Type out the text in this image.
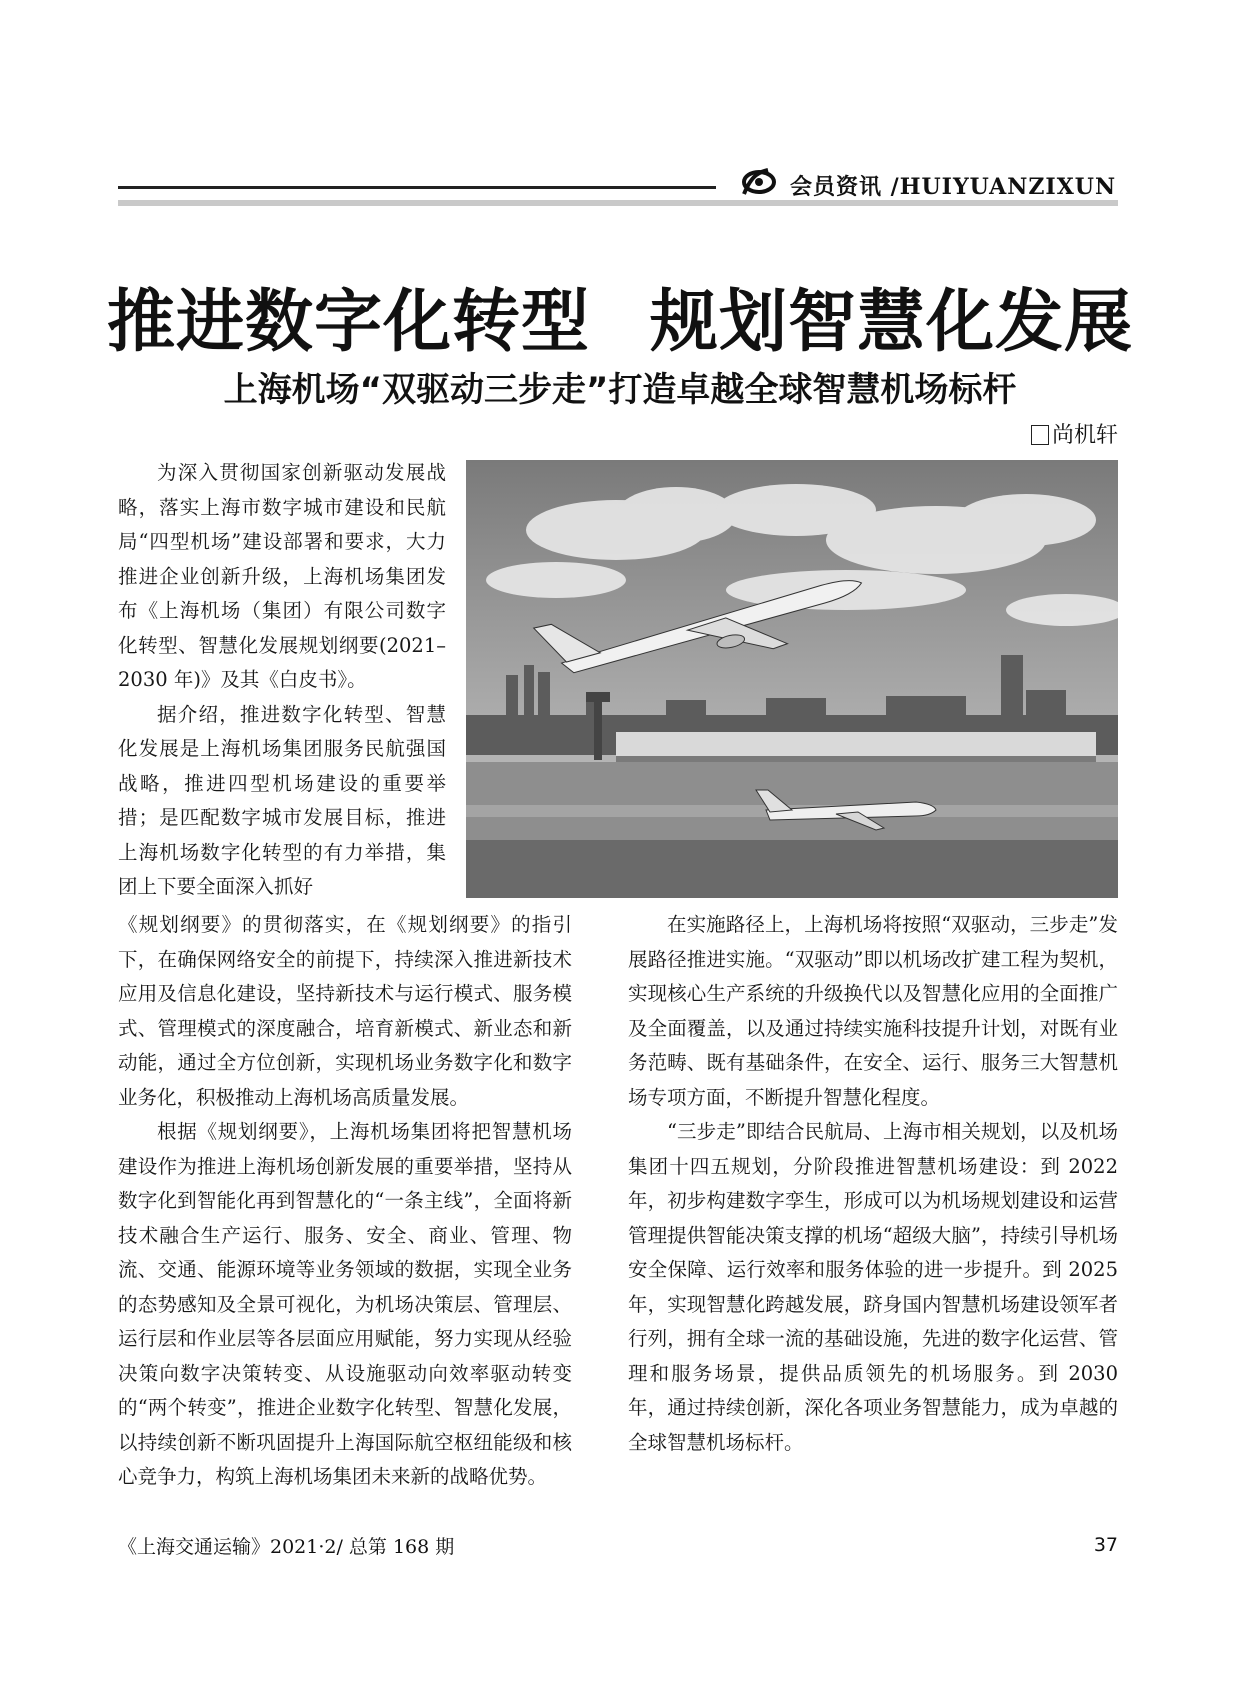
会员资讯 /HUIYUANZIXUN
推进数字化转型 规划智慧化发展
上海机场“双驱动三步走”打造卓越全球智慧机场标杆
尚机轩

为深入贯彻国家创新驱动发展战略，落实上海市数字城市建设和民航局“四型机场”建设部署和要求，大力推进企业创新升级，上海机场集团发布《上海机场（集团）有限公司数字化转型、智慧化发展规划纲要(2021–2030 年)》及其《白皮书》。

据介绍，推进数字化转型、智慧化发展是上海机场集团服务民航强国战略，推进四型机场建设的重要举措；是匹配数字城市发展目标，推进上海机场数字化转型的有力举措，集团上下要全面深入抓好

《规划纲要》的贯彻落实，在《规划纲要》的指引下，在确保网络安全的前提下，持续深入推进新技术应用及信息化建设，坚持新技术与运行模式、服务模式、管理模式的深度融合，培育新模式、新业态和新动能，通过全方位创新，实现机场业务数字化和数字业务化，积极推动上海机场高质量发展。

根据《规划纲要》，上海机场集团将把智慧机场建设作为推进上海机场创新发展的重要举措，坚持从数字化到智能化再到智慧化的“一条主线”，全面将新技术融合生产运行、服务、安全、商业、管理、物流、交通、能源环境等业务领域的数据，实现全业务的态势感知及全景可视化，为机场决策层、管理层、运行层和作业层等各层面应用赋能，努力实现从经验决策向数字决策转变、从设施驱动向效率驱动转变的“两个转变”，推进企业数字化转型、智慧化发展，以持续创新不断巩固提升上海国际航空枢纽能级和核心竞争力，构筑上海机场集团未来新的战略优势。

在实施路径上，上海机场将按照“双驱动，三步走”发展路径推进实施。“双驱动”即以机场改扩建工程为契机，实现核心生产系统的升级换代以及智慧化应用的全面推广及全面覆盖，以及通过持续实施科技提升计划，对既有业务范畴、既有基础条件，在安全、运行、服务三大智慧机场专项方面，不断提升智慧化程度。

“三步走”即结合民航局、上海市相关规划，以及机场集团十四五规划，分阶段推进智慧机场建设：到 2022 年，初步构建数字孪生，形成可以为机场规划建设和运营管理提供智能决策支撑的机场“超级大脑”，持续引导机场安全保障、运行效率和服务体验的进一步提升。到 2025 年，实现智慧化跨越发展，跻身国内智慧机场建设领军者行列，拥有全球一流的基础设施，先进的数字化运营、管理和服务场景，提供品质领先的机场服务。到 2030 年，通过持续创新，深化各项业务智慧能力，成为卓越的全球智慧机场标杆。

《上海交通运输》2021·2/ 总第 168 期	37
